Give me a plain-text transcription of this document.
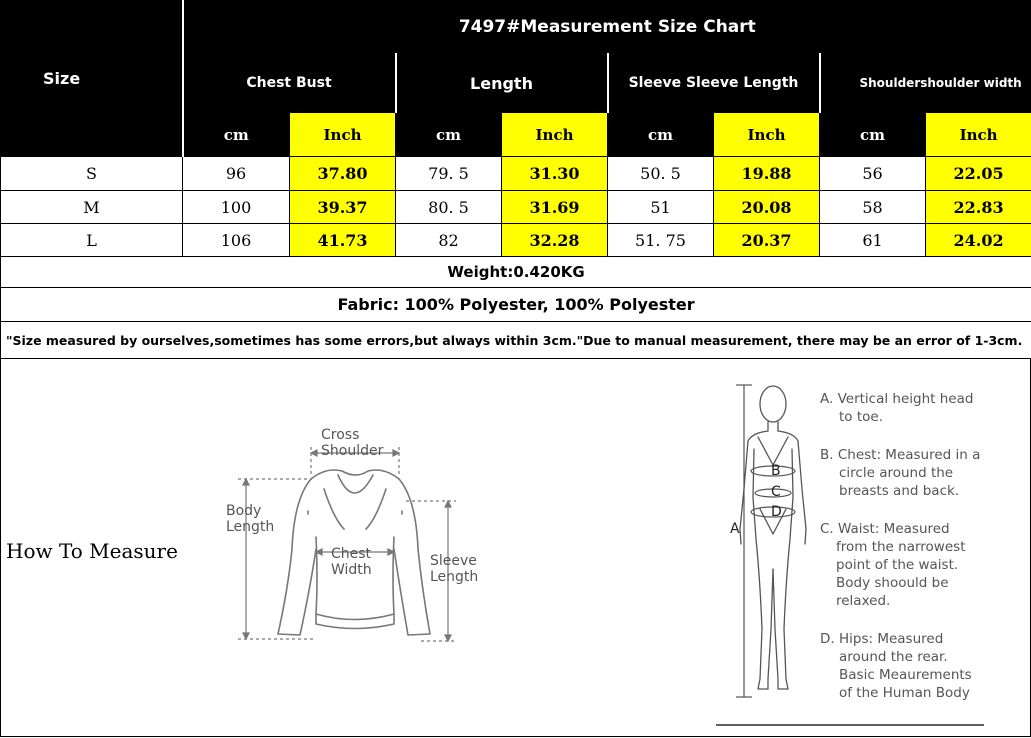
Size	7497#Measurement Size Chart							
	Chest Bust		Length		Sleeve Sleeve Length		Shouldershoulder width	
	cm	Inch	cm	Inch	cm	Inch	cm	Inch
S	96	37.80	79. 5	31.30	50. 5	19.88	56	22.05
M	100	39.37	80. 5	31.69	51	20.08	58	22.83
L	106	41.73	82	32.28	51. 75	20.37	61	24.02
Weight:0.420KG								
Fabric: 100% Polyester, 100% Polyester								
"Size measured by ourselves,sometimes has some errors,but always within 3cm."Due to manual measurement, there may be an error of 1-3cm.								
How To Measure
Cross
Shoulder
Body
Length
Chest
Width
Sleeve
Length
A
B
C
D
A. Vertical height head
to toe.
B. Chest: Measured in a
circle around the
breasts and back.
C. Waist: Measured
from the narrowest
point of the waist.
Body shoould be
relaxed.
D. Hips: Measured
around the rear.
Basic Meaurements
of the Human Body
